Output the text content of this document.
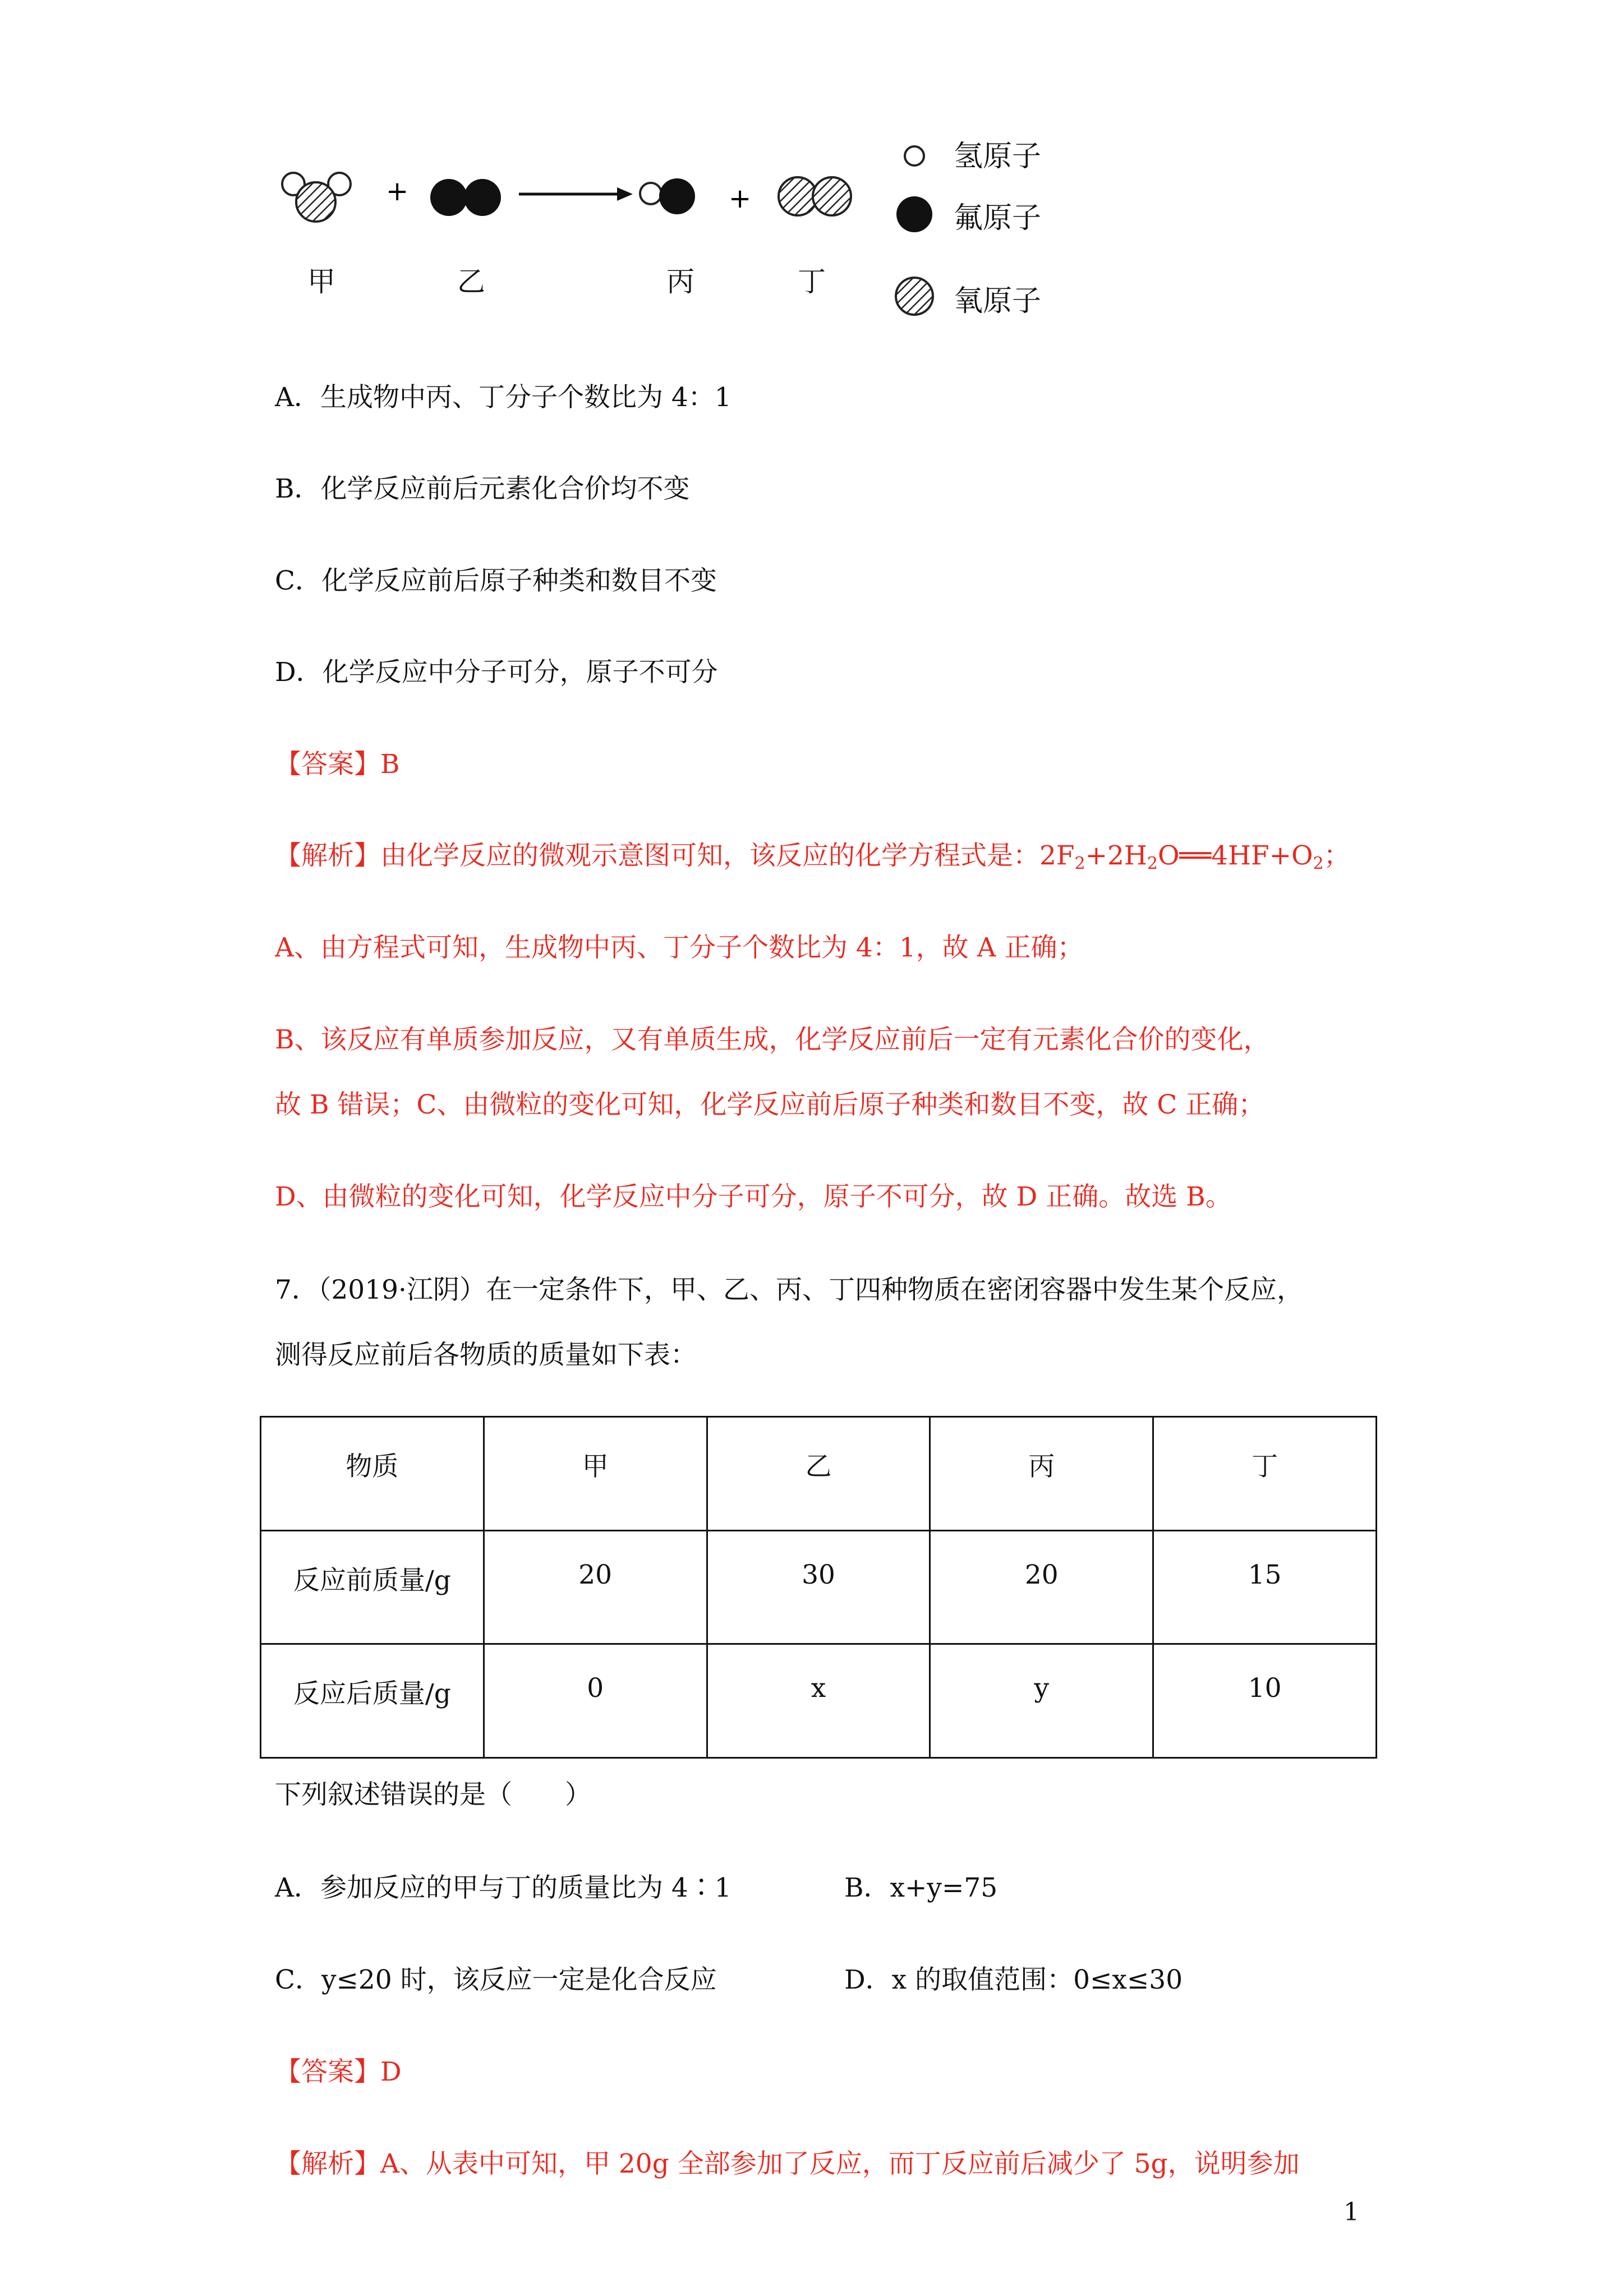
+	+
甲	乙	丙	丁
氢原子
氟原子
氧原子
A．生成物中丙、丁分子个数比为 4：1
B．化学反应前后元素化合价均不变
C．化学反应前后原子种类和数目不变
D．化学反应中分子可分，原子不可分
【答案】B
【解析】由化学反应的微观示意图可知，该反应的化学方程式是：$2F_2+2H_2O══4HF+O_2$；
A、由方程式可知，生成物中丙、丁分子个数比为 4：1，故 A 正确；
B、该反应有单质参加反应，又有单质生成，化学反应前后一定有元素化合价的变化，
故 B 错误；C、由微粒的变化可知，化学反应前后原子种类和数目不变，故 C 正确；
D、由微粒的变化可知，化学反应中分子可分，原子不可分，故 D 正确。故选 B。
7．（2019·江阴）在一定条件下，甲、乙、丙、丁四种物质在密闭容器中发生某个反应，
测得反应前后各物质的质量如下表：
物质	甲	乙	丙	丁
反应前质量/g	20	30	20	15
反应后质量/g	0	x	y	10
下列叙述错误的是（　　）
A．参加反应的甲与丁的质量比为 4∶1	B．x+y=75
C．y≤20 时，该反应一定是化合反应	D．x 的取值范围：0≤x≤30
【答案】D
【解析】A、从表中可知，甲 20g 全部参加了反应，而丁反应前后减少了 5g，说明参加
1
